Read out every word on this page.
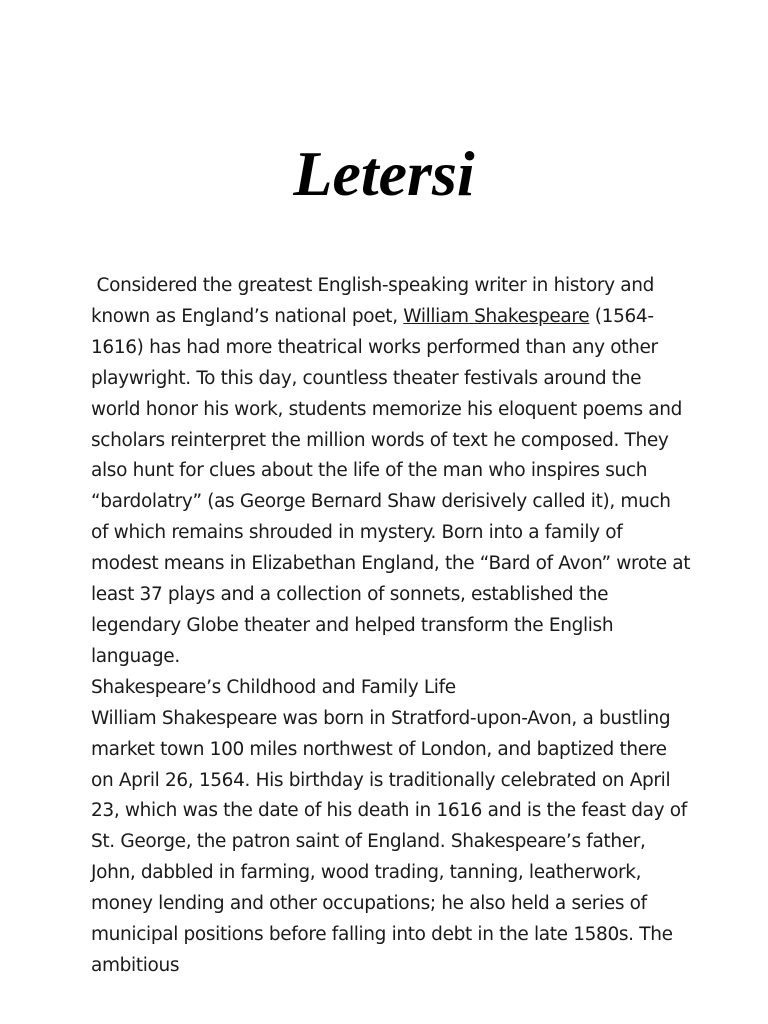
Letersi

Considered the greatest English-speaking writer in history and known as England’s national poet, William Shakespeare (1564-1616) has had more theatrical works performed than any other playwright. To this day, countless theater festivals around the world honor his work, students memorize his eloquent poems and scholars reinterpret the million words of text he composed. They also hunt for clues about the life of the man who inspires such “bardolatry” (as George Bernard Shaw derisively called it), much of which remains shrouded in mystery. Born into a family of modest means in Elizabethan England, the “Bard of Avon” wrote at least 37 plays and a collection of sonnets, established the legendary Globe theater and helped transform the English language.

Shakespeare’s Childhood and Family Life

William Shakespeare was born in Stratford-upon-Avon, a bustling market town 100 miles northwest of London, and baptized there on April 26, 1564. His birthday is traditionally celebrated on April 23, which was the date of his death in 1616 and is the feast day of St. George, the patron saint of England. Shakespeare’s father, John, dabbled in farming, wood trading, tanning, leatherwork, money lending and other occupations; he also held a series of municipal positions before falling into debt in the late 1580s. The ambitious
